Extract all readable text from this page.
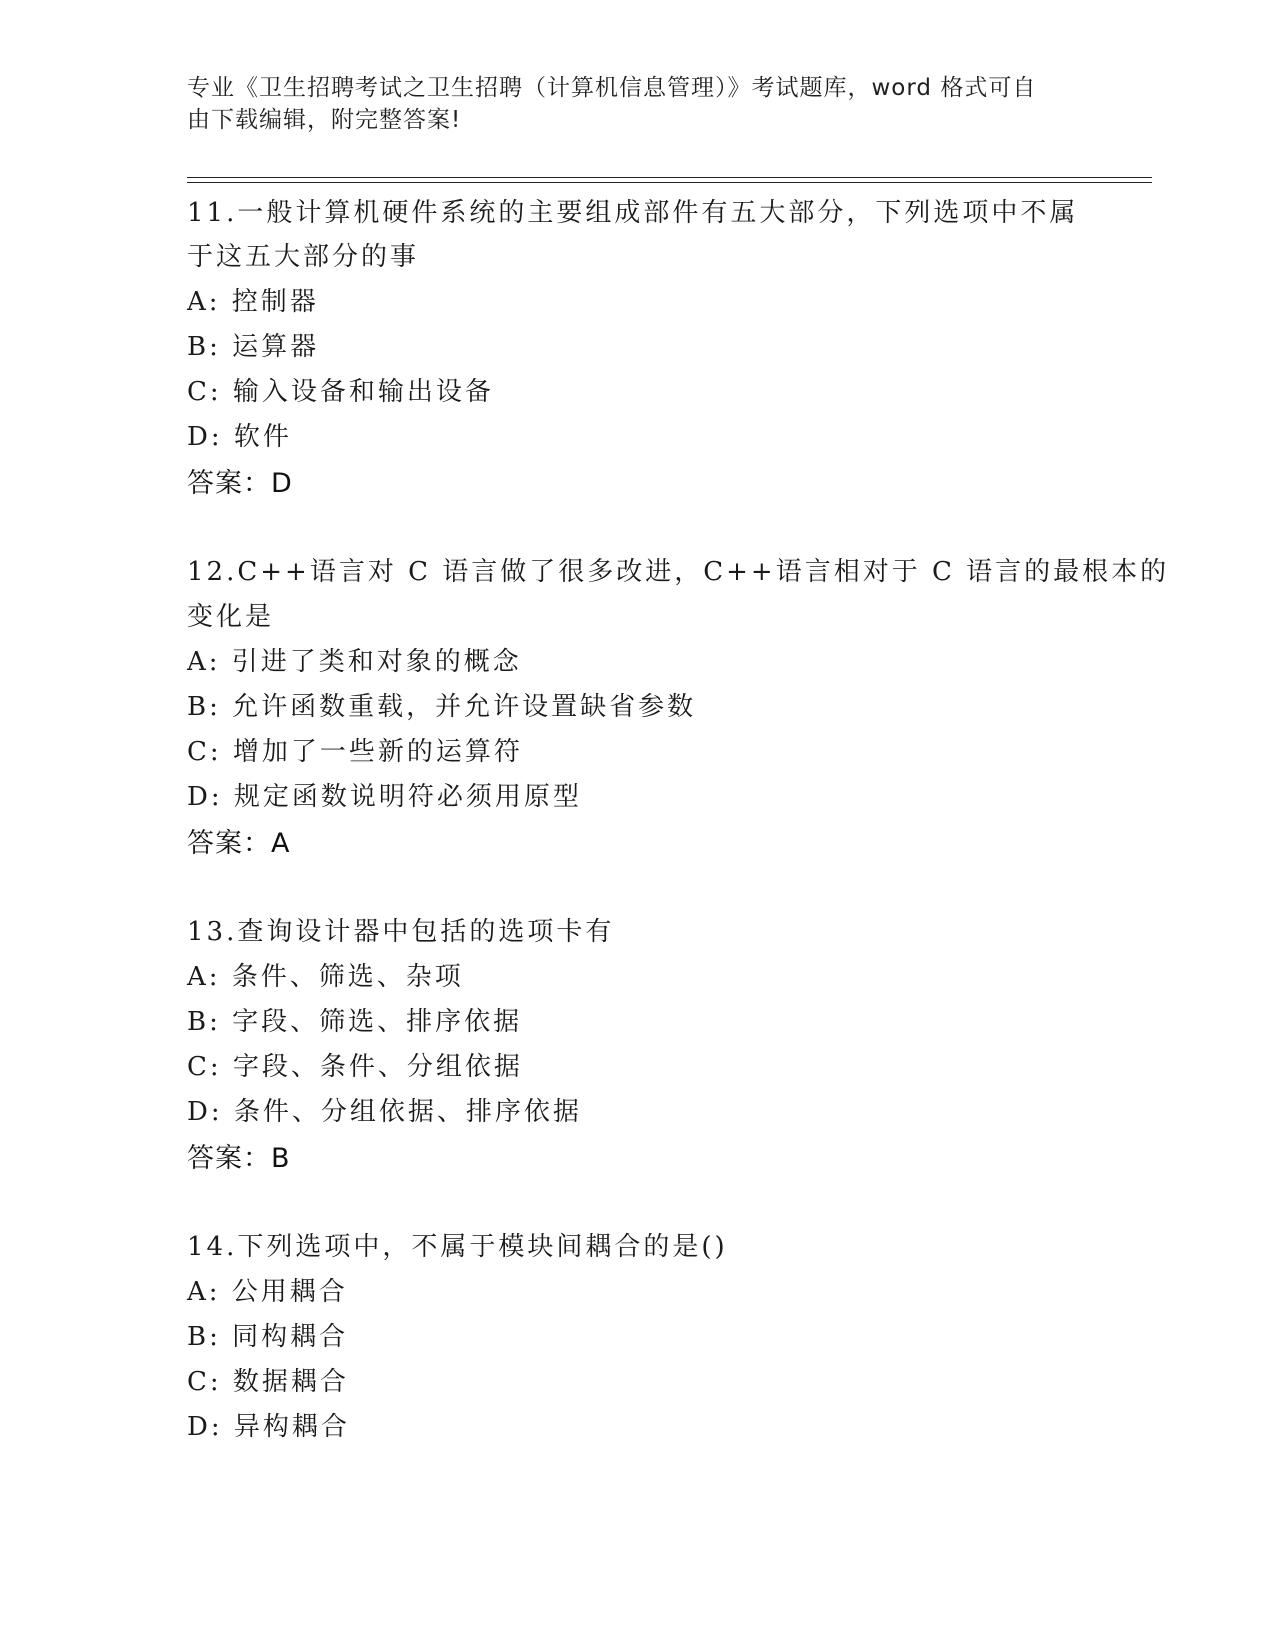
专业《卫生招聘考试之卫生招聘（计算机信息管理）》考试题库，word 格式可自
由下载编辑，附完整答案!
11.一般计算机硬件系统的主要组成部件有五大部分，下列选项中不属
于这五大部分的事
A: 控制器
B: 运算器
C: 输入设备和输出设备
D: 软件
答案：D
12.C++语言对 C 语言做了很多改进，C++语言相对于 C 语言的最根本的
变化是
A: 引进了类和对象的概念
B: 允许函数重载，并允许设置缺省参数
C: 增加了一些新的运算符
D: 规定函数说明符必须用原型
答案：A
13.查询设计器中包括的选项卡有
A: 条件、筛选、杂项
B: 字段、筛选、排序依据
C: 字段、条件、分组依据
D: 条件、分组依据、排序依据
答案：B
14.下列选项中，不属于模块间耦合的是()
A: 公用耦合
B: 同构耦合
C: 数据耦合
D: 异构耦合
